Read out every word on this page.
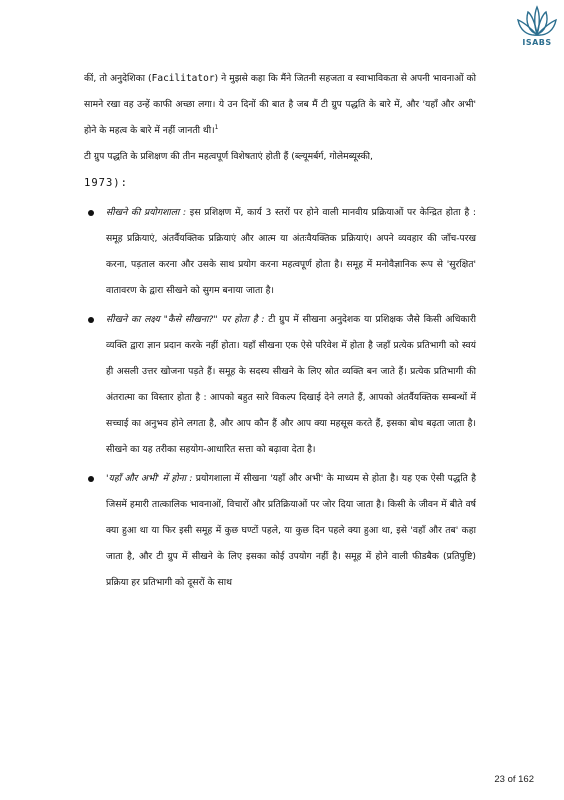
ISABS

कीं, तो अनुदेशिका (Facilitator) ने मुझसे कहा कि मैंने जितनी सहजता व स्वाभाविकता से अपनी भावनाओं को सामने रखा वह उन्हें काफी अच्छा लगा। ये उन दिनों की बात है जब मैं टी ग्रुप पद्धति के बारे में, और 'यहाँ और अभी' होने के महत्व के बारे में नहीं जानती थी।$^1$

टी ग्रुप पद्धति के प्रशिक्षण की तीन महत्वपूर्ण विशेषताएं होती हैं (ब्ल्यूमर्बर्ग, गोलेमब्यूस्की,
1973):

सीखने की प्रयोगशाला : इस प्रशिक्षण में, कार्य 3 स्तरों पर होने वाली मानवीय प्रक्रियाओं पर केन्द्रित होता है : समूह प्रक्रियाएं, अंतर्वैयक्तिक प्रक्रियाएं और आत्म या अंतःवैयक्तिक प्रक्रियाएं। अपने व्यवहार की जाँच-परख करना, पड़ताल करना और उसके साथ प्रयोग करना महत्वपूर्ण होता है। समूह में मनोवैज्ञानिक रूप से 'सुरक्षित' वातावरण के द्वारा सीखने को सुगम बनाया जाता है।
सीखने का लक्ष्य "कैसे सीखना?" पर होता है : टी ग्रुप में सीखना अनुदेशक या प्रशिक्षक जैसे किसी अधिकारी व्यक्ति द्वारा ज्ञान प्रदान करके नहीं होता। यहाँ सीखना एक ऐसे परिवेश में होता है जहाँ प्रत्येक प्रतिभागी को स्वयं ही असली उत्तर खोजना पड़ते हैं। समूह के सदस्य सीखने के लिए स्रोत व्यक्ति बन जाते हैं। प्रत्येक प्रतिभागी की अंतरात्मा का विस्तार होता है : आपको बहुत सारे विकल्प दिखाई देने लगते हैं, आपको अंतर्वैयक्तिक सम्बन्धों में सच्चाई का अनुभव होने लगता है, और आप कौन हैं और आप क्या महसूस करते हैं, इसका बोध बढ़ता जाता है। सीखने का यह तरीका सहयोग-आधारित सत्ता को बढ़ावा देता है।
'यहाँ और अभी' में होना : प्रयोगशाला में सीखना 'यहाँ और अभी' के माध्यम से होता है। यह एक ऐसी पद्धति है जिसमें हमारी तात्कालिक भावनाओं, विचारों और प्रतिक्रियाओं पर जोर दिया जाता है। किसी के जीवन में बीते वर्ष क्या हुआ था या फिर इसी समूह में कुछ घण्टों पहले, या कुछ दिन पहले क्या हुआ था, इसे 'वहाँ और तब' कहा जाता है, और टी ग्रुप में सीखने के लिए इसका कोई उपयोग नहीं है। समूह में होने वाली फीडबैक (प्रतिपुष्टि) प्रक्रिया हर प्रतिभागी को दूसरों के साथ
23 of 162
